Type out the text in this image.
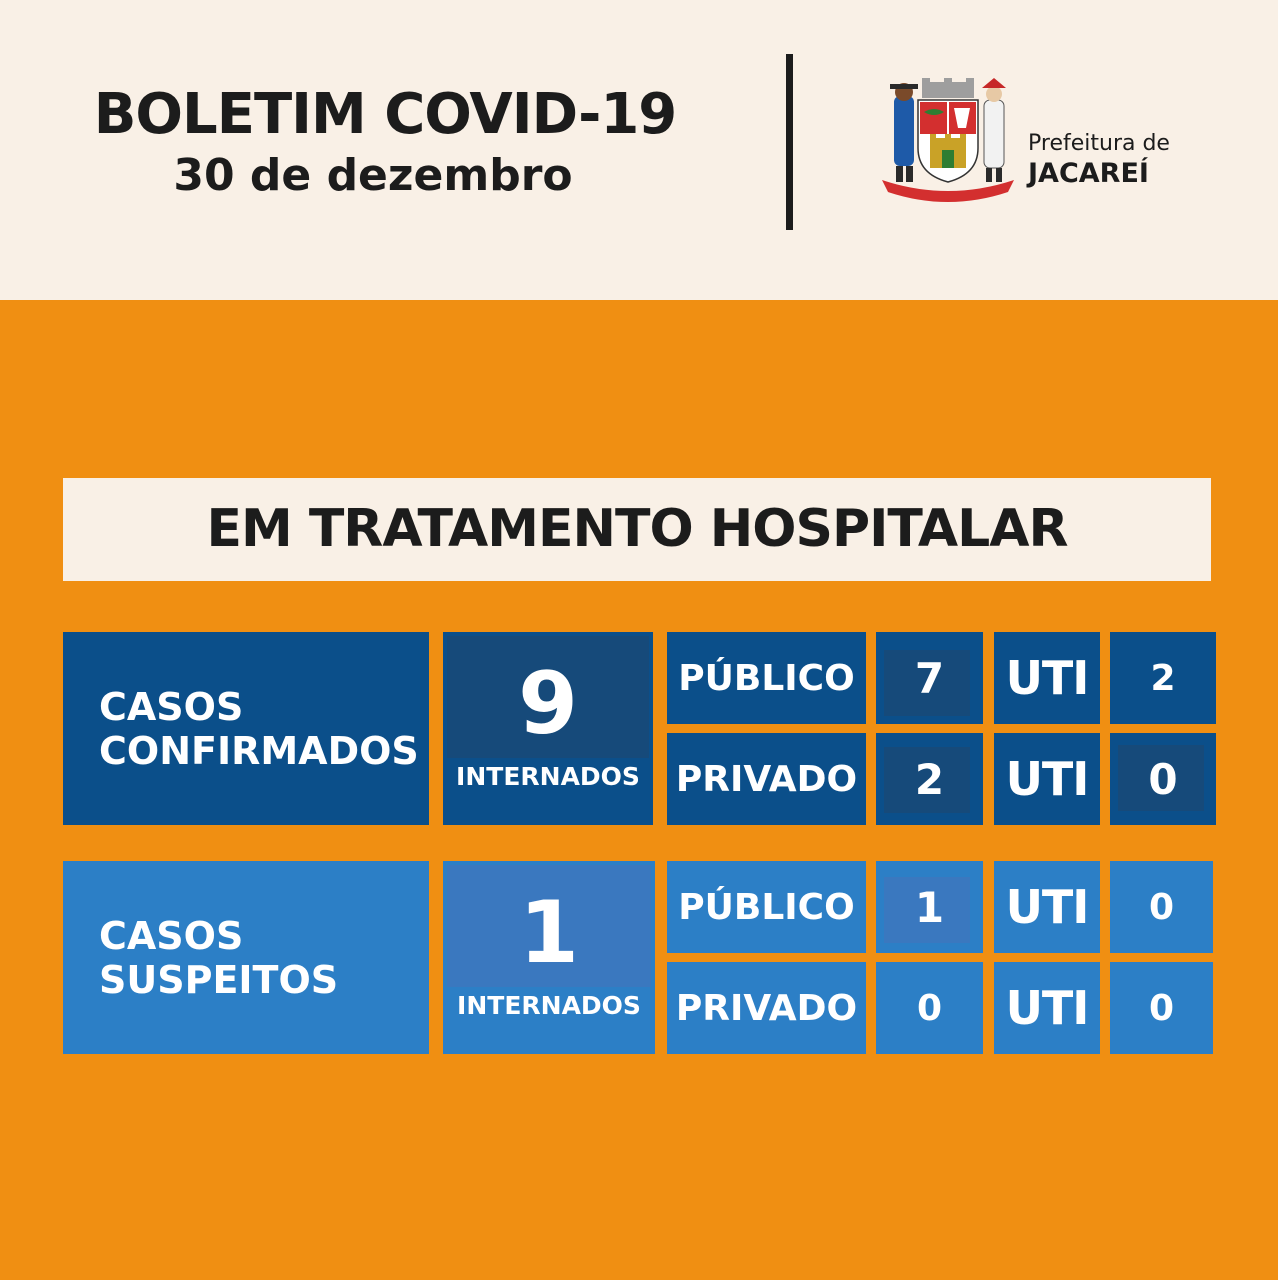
BOLETIM COVID-19
30 de dezembro
Prefeitura de
JACAREÍ
EM TRATAMENTO HOSPITALAR
CASOS
CONFIRMADOS	9
INTERNADOS
PÚBLICO 7 UTI	2
PRIVADO 2 UTI 0
CASOS
SUSPEITOS	1
INTERNADOS
PÚBLICO 1 UTI	0
PRIVADO	0	UTI	0
